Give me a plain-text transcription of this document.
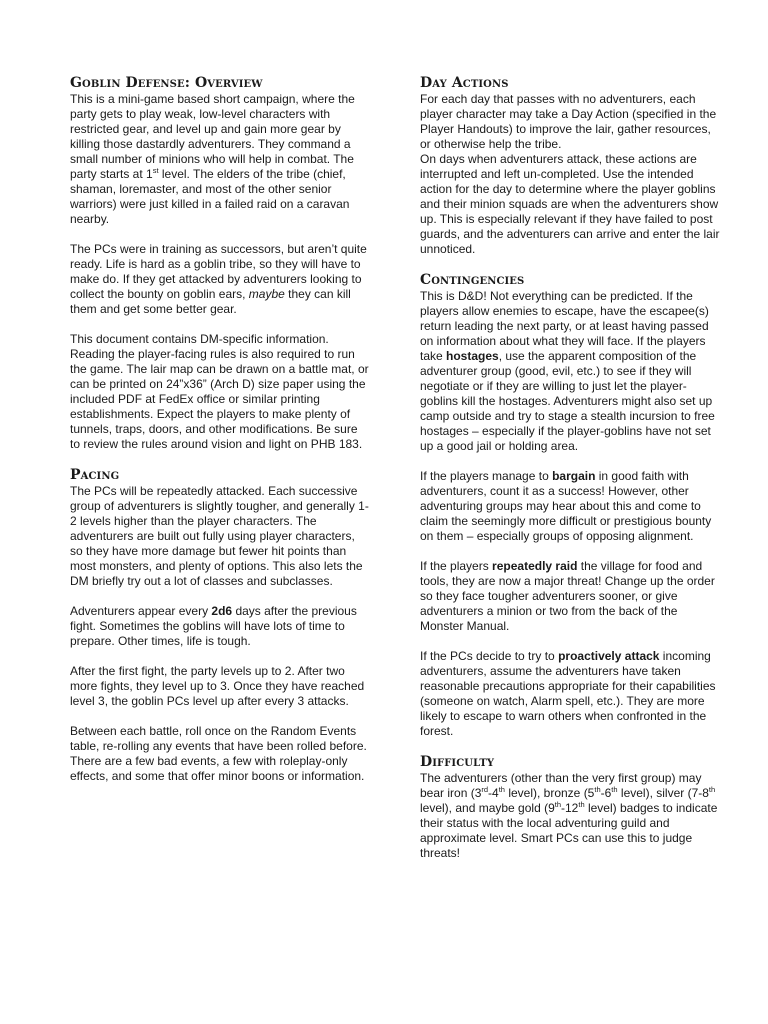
Goblin Defense: Overview

This is a mini-game based short campaign, where the party gets to play weak, low-level characters with restricted gear, and level up and gain more gear by killing those dastardly adventurers. They command a small number of minions who will help in combat. The party starts at 1st level. The elders of the tribe (chief, shaman, loremaster, and most of the other senior warriors) were just killed in a failed raid on a caravan nearby.

The PCs were in training as successors, but aren’t quite ready. Life is hard as a goblin tribe, so they will have to make do. If they get attacked by adventurers looking to collect the bounty on goblin ears, maybe they can kill them and get some better gear.

This document contains DM-specific information. Reading the player-facing rules is also required to run the game. The lair map can be drawn on a battle mat, or can be printed on 24”x36” (Arch D) size paper using the included PDF at FedEx office or similar printing establishments. Expect the players to make plenty of tunnels, traps, doors, and other modifications. Be sure to review the rules around vision and light on PHB 183.

Pacing

The PCs will be repeatedly attacked. Each successive group of adventurers is slightly tougher, and generally 1-2 levels higher than the player characters. The adventurers are built out fully using player characters, so they have more damage but fewer hit points than most monsters, and plenty of options. This also lets the DM briefly try out a lot of classes and subclasses.

Adventurers appear every 2d6 days after the previous fight. Sometimes the goblins will have lots of time to prepare. Other times, life is tough.

After the first fight, the party levels up to 2. After two more fights, they level up to 3. Once they have reached level 3, the goblin PCs level up after every 3 attacks.

Between each battle, roll once on the Random Events table, re-rolling any events that have been rolled before. There are a few bad events, a few with roleplay-only effects, and some that offer minor boons or information.

Day Actions

For each day that passes with no adventurers, each player character may take a Day Action (specified in the Player Handouts) to improve the lair, gather resources, or otherwise help the tribe.

On days when adventurers attack, these actions are interrupted and left un-completed. Use the intended action for the day to determine where the player goblins and their minion squads are when the adventurers show up. This is especially relevant if they have failed to post guards, and the adventurers can arrive and enter the lair unnoticed.

Contingencies

This is D&D! Not everything can be predicted. If the players allow enemies to escape, have the escapee(s) return leading the next party, or at least having passed on information about what they will face. If the players take hostages, use the apparent composition of the adventurer group (good, evil, etc.) to see if they will negotiate or if they are willing to just let the player-goblins kill the hostages. Adventurers might also set up camp outside and try to stage a stealth incursion to free hostages – especially if the player-goblins have not set up a good jail or holding area.

If the players manage to bargain in good faith with adventurers, count it as a success! However, other adventuring groups may hear about this and come to claim the seemingly more difficult or prestigious bounty on them – especially groups of opposing alignment.

If the players repeatedly raid the village for food and tools, they are now a major threat! Change up the order so they face tougher adventurers sooner, or give adventurers a minion or two from the back of the Monster Manual.

If the PCs decide to try to proactively attack incoming adventurers, assume the adventurers have taken reasonable precautions appropriate for their capabilities (someone on watch, Alarm spell, etc.). They are more likely to escape to warn others when confronted in the forest.

Difficulty

The adventurers (other than the very first group) may bear iron (3rd-4th level), bronze (5th-6th level), silver (7-8th level), and maybe gold (9th-12th level) badges to indicate their status with the local adventuring guild and approximate level. Smart PCs can use this to judge threats!
